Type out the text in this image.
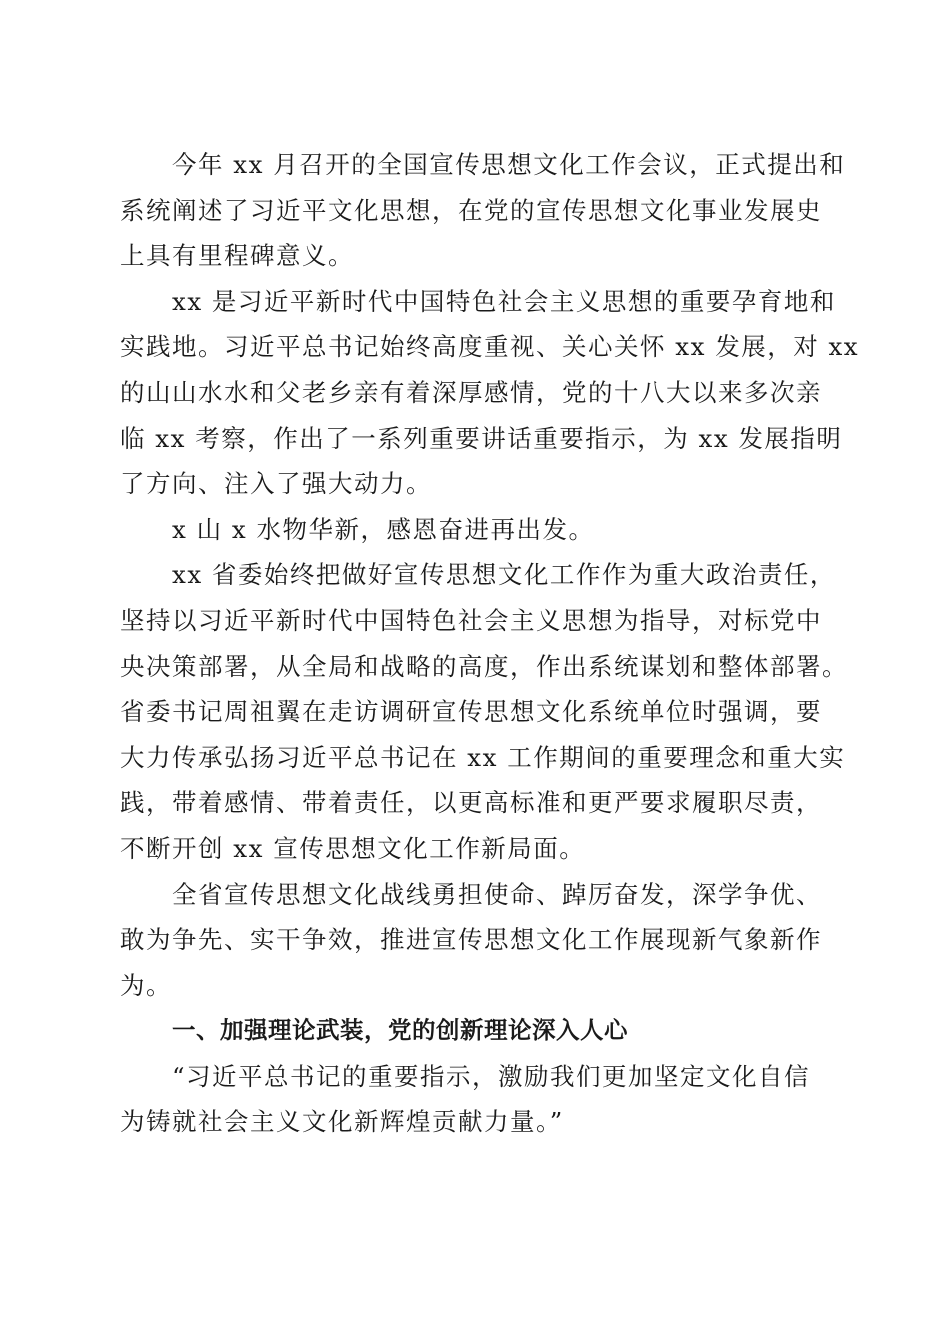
今年 xx 月召开的全国宣传思想文化工作会议，正式提出和
系统阐述了习近平文化思想，在党的宣传思想文化事业发展史
上具有里程碑意义。
xx 是习近平新时代中国特色社会主义思想的重要孕育地和
实践地。习近平总书记始终高度重视、关心关怀 xx 发展，对 xx
的山山水水和父老乡亲有着深厚感情，党的十八大以来多次亲
临 xx 考察，作出了一系列重要讲话重要指示，为 xx 发展指明
了方向、注入了强大动力。
x 山 x 水物华新，感恩奋进再出发。
xx 省委始终把做好宣传思想文化工作作为重大政治责任，
坚持以习近平新时代中国特色社会主义思想为指导，对标党中
央决策部署，从全局和战略的高度，作出系统谋划和整体部署。
省委书记周祖翼在走访调研宣传思想文化系统单位时强调，要
大力传承弘扬习近平总书记在 xx 工作期间的重要理念和重大实
践，带着感情、带着责任，以更高标准和更严要求履职尽责，
不断开创 xx 宣传思想文化工作新局面。
全省宣传思想文化战线勇担使命、踔厉奋发，深学争优、
敢为争先、实干争效，推进宣传思想文化工作展现新气象新作
为。
一、加强理论武装，党的创新理论深入人心
“习近平总书记的重要指示，激励我们更加坚定文化自信
为铸就社会主义文化新辉煌贡献力量。”
